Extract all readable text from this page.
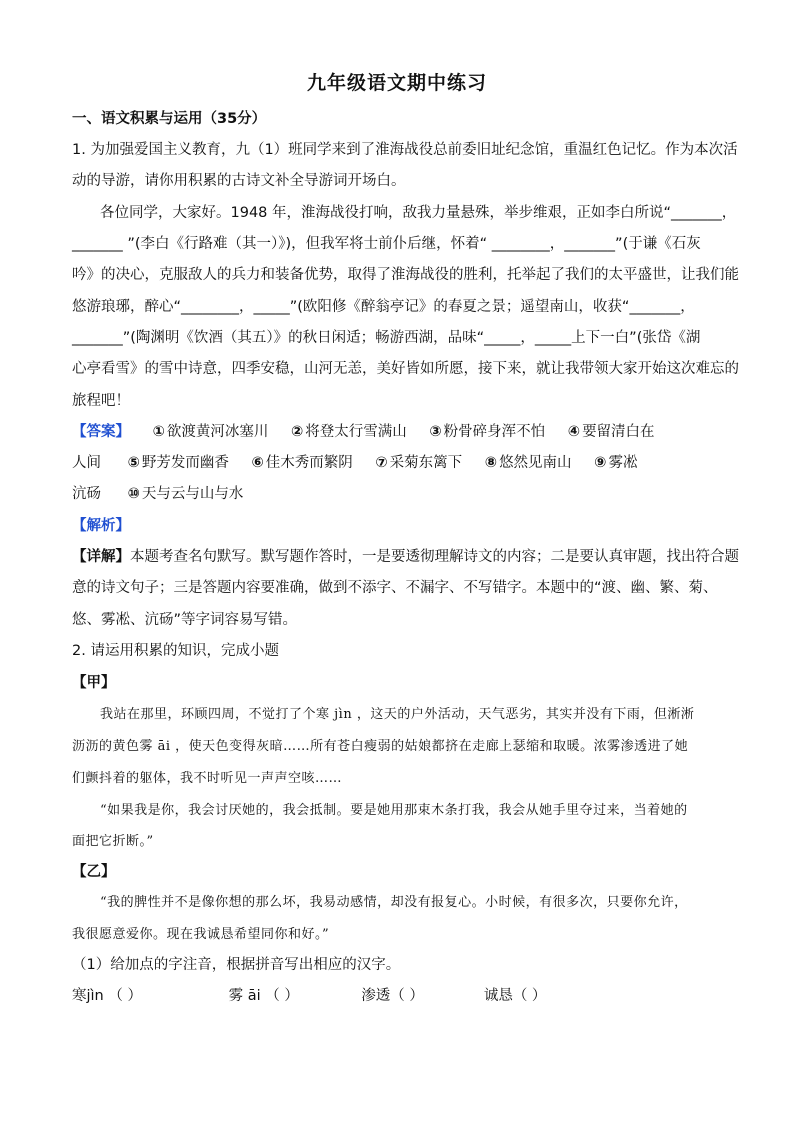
九年级语文期中练习
一、语文积累与运用（35分）
1. 为加强爱国主义教育，九（1）班同学来到了淮海战役总前委旧址纪念馆，重温红色记忆。作为本次活
动的导游，请你用积累的古诗文补全导游词开场白。
各位同学，大家好。1948 年，淮海战役打响，敌我力量悬殊，举步维艰，正如李白所说“_______，
_______ ”(李白《行路难（其一）》)，但我军将士前仆后继，怀着“ ________，_______”(于谦《石灰
吟》的决心，克服敌人的兵力和装备优势，取得了淮海战役的胜利，托举起了我们的太平盛世，让我们能
悠游琅琊，醉心“________，_____”(欧阳修《醉翁亭记》的春夏之景；遥望南山，收获“_______，
_______”(陶渊明《饮酒（其五）》的秋日闲适；畅游西湖，品味“_____，_____上下一白”(张岱《湖
心亭看雪》的雪中诗意，四季安稳，山河无恙，美好皆如所愿，接下来，就让我带领大家开始这次难忘的
旅程吧！
【答案】 ① 欲渡黄河冰塞川 ② 将登太行雪满山 ③ 粉骨碎身浑不怕 ④ 要留清白在
人间 ⑤ 野芳发而幽香 ⑥ 佳木秀而繁阴 ⑦ 采菊东篱下 ⑧ 悠然见南山 ⑨ 雾凇
沆砀 ⑩ 天与云与山与水
【解析】
【详解】本题考查名句默写。默写题作答时，一是要透彻理解诗文的内容；二是要认真审题，找出符合题
意的诗文句子；三是答题内容要准确，做到不添字、不漏字、不写错字。本题中的“渡、幽、繁、菊、
悠、雾凇、沆砀”等字词容易写错。
2. 请运用积累的知识，完成小题
【甲】
我站在那里，环顾四周，不觉打了个寒 jìn ，这天的户外活动，天气恶劣，其实并没有下雨，但淅淅
沥沥的黄色雾 āi ，使天色变得灰暗……所有苍白瘦弱的姑娘都挤在走廊上瑟缩和取暖。浓雾渗透进了她
们颤抖着的躯体，我不时听见一声声空咳……
“如果我是你，我会讨厌她的，我会抵制。要是她用那束木条打我，我会从她手里夺过来，当着她的
面把它折断。”
【乙】
“我的脾性并不是像你想的那么坏，我易动感情，却没有报复心。小时候，有很多次，只要你允许，
我很愿意爱你。现在我诚恳希望同你和好。”
（1）给加点的字注音，根据拼音写出相应的汉字。
寒jìn （ ）	雾 āi （ ）	渗透（ ）	诚恳（ ）
